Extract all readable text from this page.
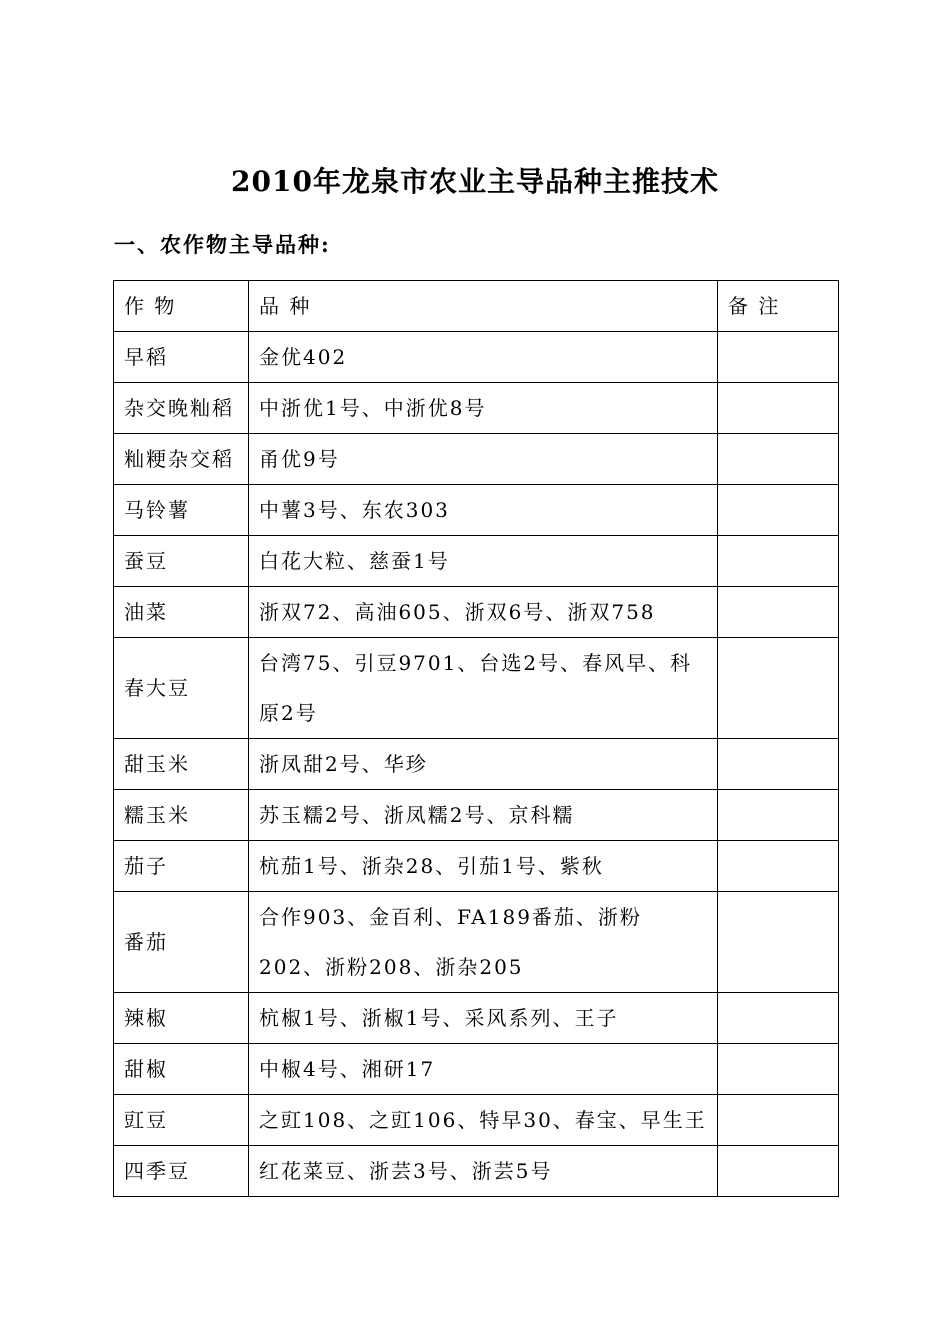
2010年龙泉市农业主导品种主推技术
一、农作物主导品种:
作 物	品 种	备 注
早稻	金优402	
杂交晚籼稻	中浙优1号、中浙优8号	
籼粳杂交稻	甬优9号	
马铃薯	中薯3号、东农303	
蚕豆	白花大粒、慈蚕1号	
油菜	浙双72、高油605、浙双6号、浙双758	
春大豆	台湾75、引豆9701、台选2号、春风早、科原2号	
甜玉米	浙凤甜2号、华珍	
糯玉米	苏玉糯2号、浙凤糯2号、京科糯	
茄子	杭茄1号、浙杂28、引茄1号、紫秋	
番茄	合作903、金百利、FA189番茄、浙粉202、浙粉208、浙杂205	
辣椒	杭椒1号、浙椒1号、采风系列、王子	
甜椒	中椒4号、湘研17	
豇豆	之豇108、之豇106、特早30、春宝、早生王	
四季豆	红花菜豆、浙芸3号、浙芸5号	
